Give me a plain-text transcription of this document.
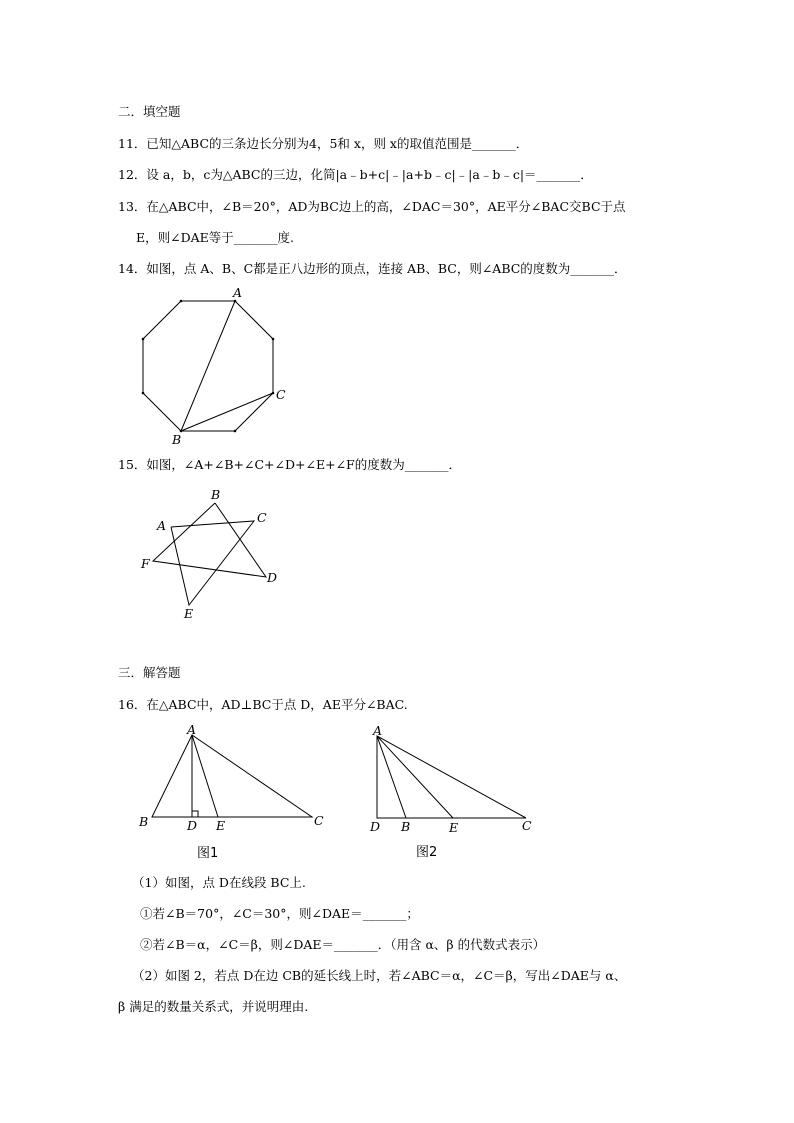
二．填空题
11．已知△ABC的三条边长分别为4，5和 x，则 x的取值范围是_______．
12．设 a，b，c为△ABC的三边，化简|a﹣b+c|﹣|a+b﹣c|﹣|a﹣b﹣c|＝_______．
13．在△ABC中，∠B＝20°，AD为BC边上的高，∠DAC＝30°，AE平分∠BAC交BC于点
E，则∠DAE等于_______度.
14．如图，点 A、B、C都是正八边形的顶点，连接 AB、BC，则∠ABC的度数为_______．
A
C
B
15．如图，∠A+∠B+∠C+∠D+∠E+∠F的度数为_______．
A
B
C
D
E
F
三．解答题
16．在△ABC中，AD⊥BC于点 D，AE平分∠BAC.
A
B	D E	C
图1
A
D B	E	C
图2
（1）如图，点 D在线段 BC上.
①若∠B＝70°，∠C＝30°，则∠DAE＝_______；
②若∠B＝α，∠C＝β，则∠DAE＝_______．（用含 α、β 的代数式表示）
（2）如图 2，若点 D在边 CB的延长线上时，若∠ABC＝α，∠C＝β，写出∠DAE与 α、
β 满足的数量关系式，并说明理由.
